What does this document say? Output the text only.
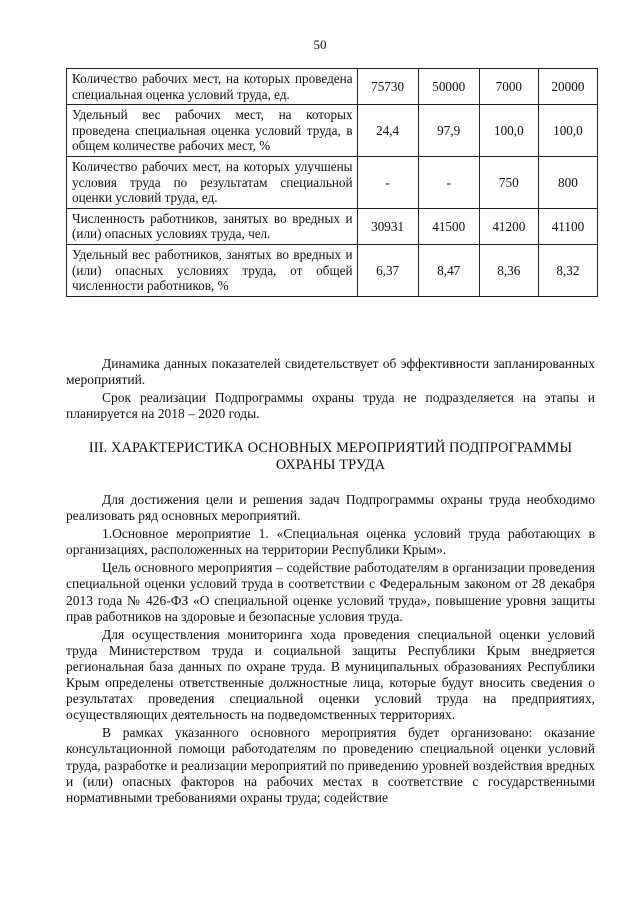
50
Количество рабочих мест, на которых проведена специальная оценка условий труда, ед.	75730	50000	7000	20000
Удельный вес рабочих мест, на которых проведена специальная оценка условий труда, в общем количестве рабочих мест, %	24,4	97,9	100,0	100,0
Количество рабочих мест, на которых улучшены условия труда по результатам специальной оценки условий труда, ед.	-	-	750	800
Численность работников, занятых во вредных и (или) опасных условиях труда, чел.	30931	41500	41200	41100
Удельный вес работников, занятых во вредных и (или) опасных условиях труда, от общей численности работников, %	6,37	8,47	8,36	8,32

Динамика данных показателей свидетельствует об эффективности запланированных мероприятий.

Срок реализации Подпрограммы охраны труда не подразделяется на этапы и планируется на 2018 – 2020 годы.

III. ХАРАКТЕРИСТИКА ОСНОВНЫХ МЕРОПРИЯТИЙ ПОДПРОГРАММЫ ОХРАНЫ ТРУДА

Для достижения цели и решения задач Подпрограммы охраны труда необходимо реализовать ряд основных мероприятий.

1.Основное мероприятие 1. «Специальная оценка условий труда работающих в организациях, расположенных на территории Республики Крым».

Цель основного мероприятия – содействие работодателям в организации проведения специальной оценки условий труда в соответствии с Федеральным законом от 28 декабря 2013 года № 426-ФЗ «О специальной оценке условий труда», повышение уровня защиты прав работников на здоровые и безопасные условия труда.

Для осуществления мониторинга хода проведения специальной оценки условий труда Министерством труда и социальной защиты Республики Крым внедряется региональная база данных по охране труда. В муниципальных образованиях Республики Крым определены ответственные должностные лица, которые будут вносить сведения о результатах проведения специальной оценки условий труда на предприятиях, осуществляющих деятельность на подведомственных территориях.

В рамках указанного основного мероприятия будет организовано: оказание консультационной помощи работодателям по проведению специальной оценки условий труда, разработке и реализации мероприятий по приведению уровней воздействия вредных и (или) опасных факторов на рабочих местах в соответствие с государственными нормативными требованиями охраны труда; содействие
